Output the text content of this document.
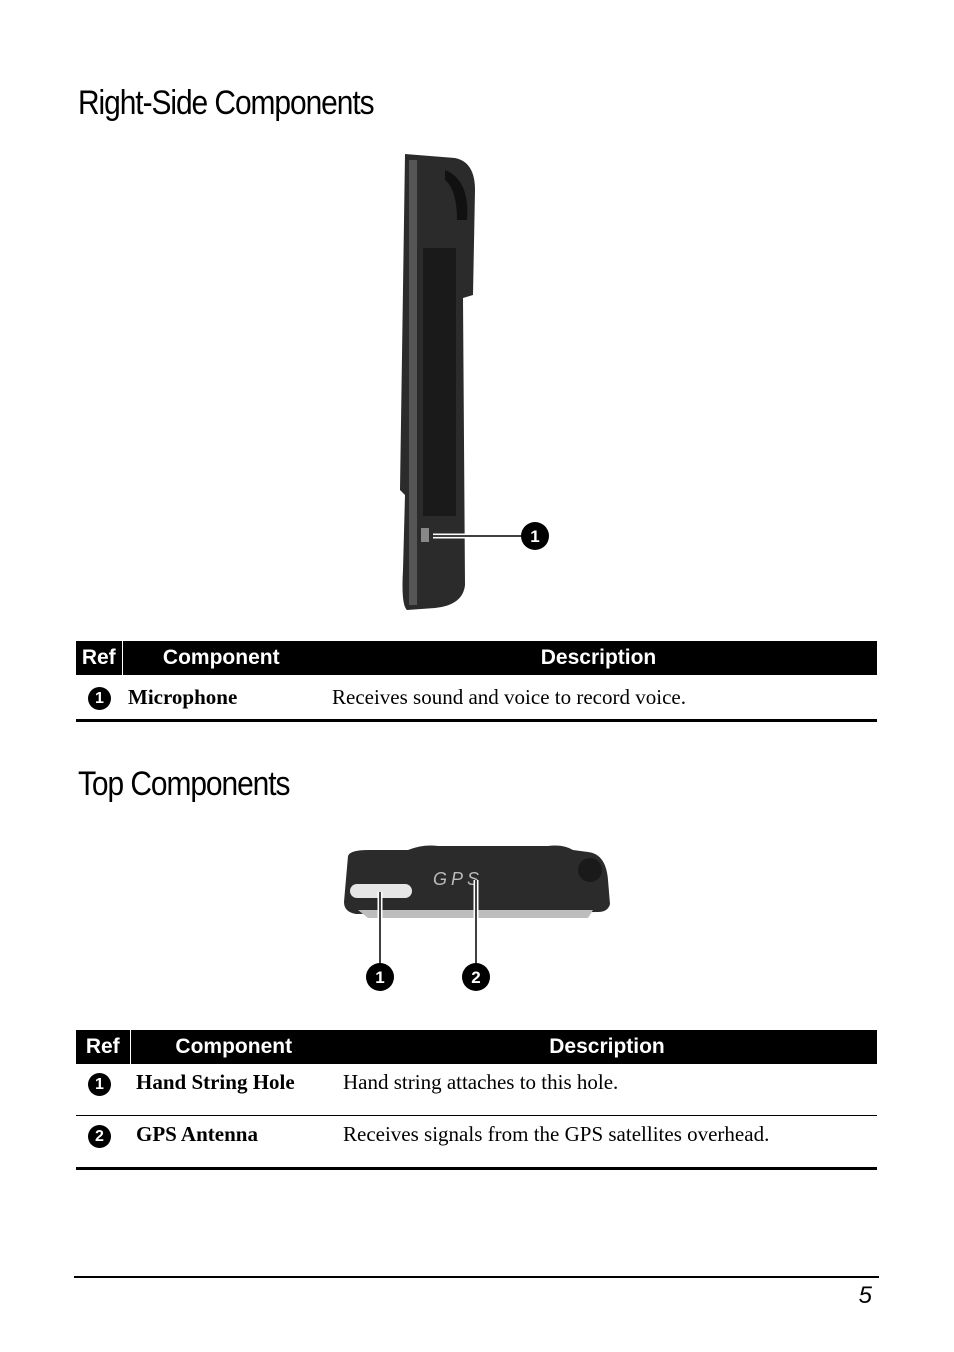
Right-Side Components
1
Ref	Component	Description
1	Microphone	Receives sound and voice to record voice.
Top Components
GPS
1	2
Ref	Component	Description
1	Hand String Hole	Hand string attaches to this hole.
2	GPS Antenna	Receives signals from the GPS satellites overhead.
5
